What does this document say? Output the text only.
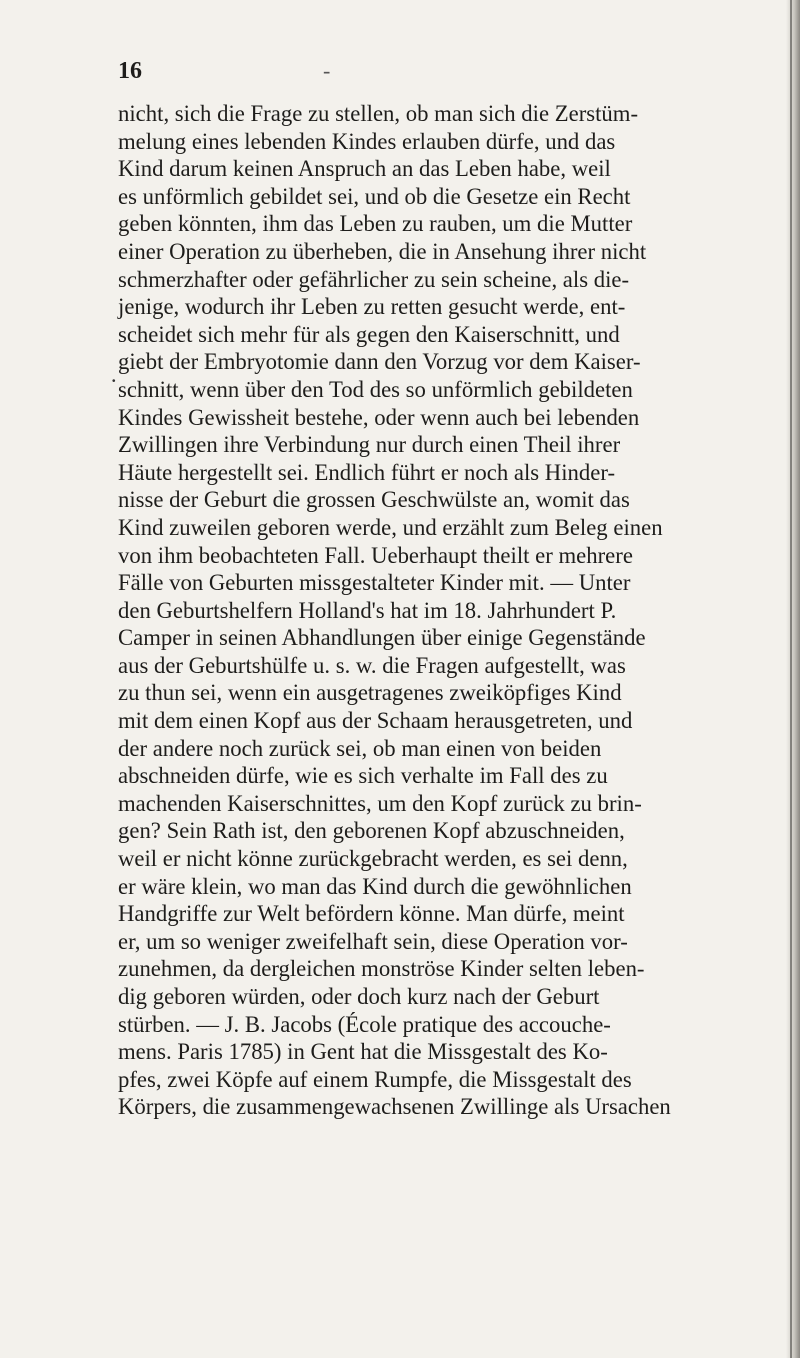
16	-
•
nicht, sich die Frage zu stellen, ob man sich die Zerstüm-
melung eines lebenden Kindes erlauben dürfe, und das
Kind darum keinen Anspruch an das Leben habe, weil
es unförmlich gebildet sei, und ob die Gesetze ein Recht
geben könnten, ihm das Leben zu rauben, um die Mutter
einer Operation zu überheben, die in Ansehung ihrer nicht
schmerzhafter oder gefährlicher zu sein scheine, als die-
jenige, wodurch ihr Leben zu retten gesucht werde, ent-
scheidet sich mehr für als gegen den Kaiserschnitt, und
giebt der Embryotomie dann den Vorzug vor dem Kaiser-
schnitt, wenn über den Tod des so unförmlich gebildeten
Kindes Gewissheit bestehe, oder wenn auch bei lebenden
Zwillingen ihre Verbindung nur durch einen Theil ihrer
Häute hergestellt sei. Endlich führt er noch als Hinder-
nisse der Geburt die grossen Geschwülste an, womit das
Kind zuweilen geboren werde, und erzählt zum Beleg einen
von ihm beobachteten Fall. Ueberhaupt theilt er mehrere
Fälle von Geburten missgestalteter Kinder mit. — Unter
den Geburtshelfern Holland's hat im 18. Jahrhundert P.
Camper in seinen Abhandlungen über einige Gegenstände
aus der Geburtshülfe u. s. w. die Fragen aufgestellt, was
zu thun sei, wenn ein ausgetragenes zweiköpfiges Kind
mit dem einen Kopf aus der Schaam herausgetreten, und
der andere noch zurück sei, ob man einen von beiden
abschneiden dürfe, wie es sich verhalte im Fall des zu
machenden Kaiserschnittes, um den Kopf zurück zu brin-
gen? Sein Rath ist, den geborenen Kopf abzuschneiden,
weil er nicht könne zurückgebracht werden, es sei denn,
er wäre klein, wo man das Kind durch die gewöhnlichen
Handgriffe zur Welt befördern könne. Man dürfe, meint
er, um so weniger zweifelhaft sein, diese Operation vor-
zunehmen, da dergleichen monströse Kinder selten leben-
dig geboren würden, oder doch kurz nach der Geburt
stürben. — J. B. Jacobs (École pratique des accouche-
mens. Paris 1785) in Gent hat die Missgestalt des Ko-
pfes, zwei Köpfe auf einem Rumpfe, die Missgestalt des
Körpers, die zusammengewachsenen Zwillinge als Ursachen
